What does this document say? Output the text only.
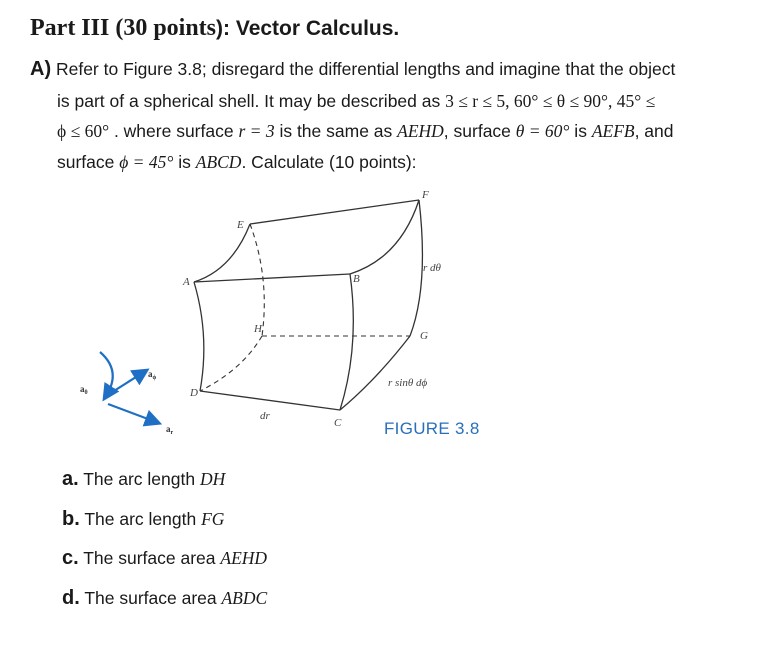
Part III (30 points): Vector Calculus.
A) Refer to Figure 3.8; disregard the differential lengths and imagine that the object
is part of a spherical shell. It may be described as 3 ≤ r ≤ 5, 60° ≤ θ ≤ 90°, 45° ≤
ϕ ≤ 60° . where surface r = 3 is the same as AEHD, surface θ = 60° is AEFB, and
surface ϕ = 45° is ABCD. Calculate (10 points):
A
E
F
B
G
H
D
C
r dθ
r sinθ dϕ
dr
$a_\theta$
$a_\phi$
$a_r$	FIGURE 3.8
a. The arc length DH
b. The arc length FG
c. The surface area AEHD
d. The surface area ABDC
